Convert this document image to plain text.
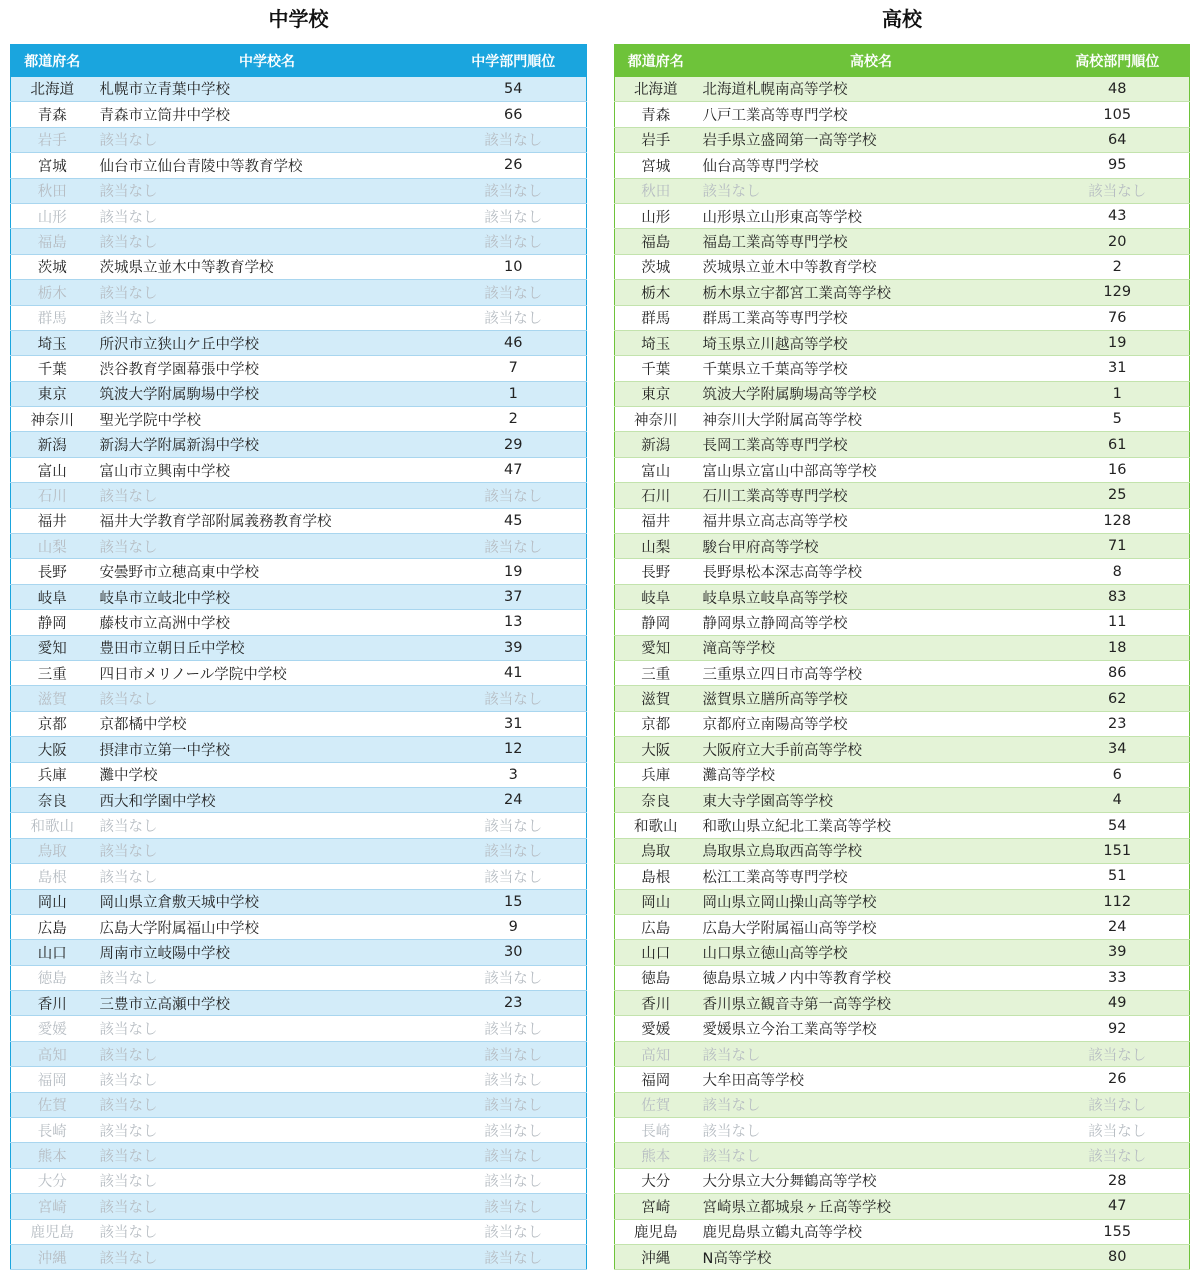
中学校
都道府名	中学校名	中学部門順位
北海道	札幌市立青葉中学校	54
青森	青森市立筒井中学校	66
岩手	該当なし	該当なし
宮城	仙台市立仙台青陵中等教育学校	26
秋田	該当なし	該当なし
山形	該当なし	該当なし
福島	該当なし	該当なし
茨城	茨城県立並木中等教育学校	10
栃木	該当なし	該当なし
群馬	該当なし	該当なし
埼玉	所沢市立狭山ケ丘中学校	46
千葉	渋谷教育学園幕張中学校	7
東京	筑波大学附属駒場中学校	1
神奈川	聖光学院中学校	2
新潟	新潟大学附属新潟中学校	29
富山	富山市立興南中学校	47
石川	該当なし	該当なし
福井	福井大学教育学部附属義務教育学校	45
山梨	該当なし	該当なし
長野	安曇野市立穂高東中学校	19
岐阜	岐阜市立岐北中学校	37
静岡	藤枝市立高洲中学校	13
愛知	豊田市立朝日丘中学校	39
三重	四日市メリノール学院中学校	41
滋賀	該当なし	該当なし
京都	京都橘中学校	31
大阪	摂津市立第一中学校	12
兵庫	灘中学校	3
奈良	西大和学園中学校	24
和歌山	該当なし	該当なし
鳥取	該当なし	該当なし
島根	該当なし	該当なし
岡山	岡山県立倉敷天城中学校	15
広島	広島大学附属福山中学校	9
山口	周南市立岐陽中学校	30
徳島	該当なし	該当なし
香川	三豊市立高瀬中学校	23
愛媛	該当なし	該当なし
高知	該当なし	該当なし
福岡	該当なし	該当なし
佐賀	該当なし	該当なし
長崎	該当なし	該当なし
熊本	該当なし	該当なし
大分	該当なし	該当なし
宮崎	該当なし	該当なし
鹿児島	該当なし	該当なし
沖縄	該当なし	該当なし
高校
都道府名	高校名	高校部門順位
北海道	北海道札幌南高等学校	48
青森	八戸工業高等専門学校	105
岩手	岩手県立盛岡第一高等学校	64
宮城	仙台高等専門学校	95
秋田	該当なし	該当なし
山形	山形県立山形東高等学校	43
福島	福島工業高等専門学校	20
茨城	茨城県立並木中等教育学校	2
栃木	栃木県立宇都宮工業高等学校	129
群馬	群馬工業高等専門学校	76
埼玉	埼玉県立川越高等学校	19
千葉	千葉県立千葉高等学校	31
東京	筑波大学附属駒場高等学校	1
神奈川	神奈川大学附属高等学校	5
新潟	長岡工業高等専門学校	61
富山	富山県立富山中部高等学校	16
石川	石川工業高等専門学校	25
福井	福井県立高志高等学校	128
山梨	駿台甲府高等学校	71
長野	長野県松本深志高等学校	8
岐阜	岐阜県立岐阜高等学校	83
静岡	静岡県立静岡高等学校	11
愛知	滝高等学校	18
三重	三重県立四日市高等学校	86
滋賀	滋賀県立膳所高等学校	62
京都	京都府立南陽高等学校	23
大阪	大阪府立大手前高等学校	34
兵庫	灘高等学校	6
奈良	東大寺学園高等学校	4
和歌山	和歌山県立紀北工業高等学校	54
鳥取	鳥取県立鳥取西高等学校	151
島根	松江工業高等専門学校	51
岡山	岡山県立岡山操山高等学校	112
広島	広島大学附属福山高等学校	24
山口	山口県立徳山高等学校	39
徳島	徳島県立城ノ内中等教育学校	33
香川	香川県立観音寺第一高等学校	49
愛媛	愛媛県立今治工業高等学校	92
高知	該当なし	該当なし
福岡	大牟田高等学校	26
佐賀	該当なし	該当なし
長崎	該当なし	該当なし
熊本	該当なし	該当なし
大分	大分県立大分舞鶴高等学校	28
宮崎	宮崎県立都城泉ヶ丘高等学校	47
鹿児島	鹿児島県立鶴丸高等学校	155
沖縄	N高等学校	80
